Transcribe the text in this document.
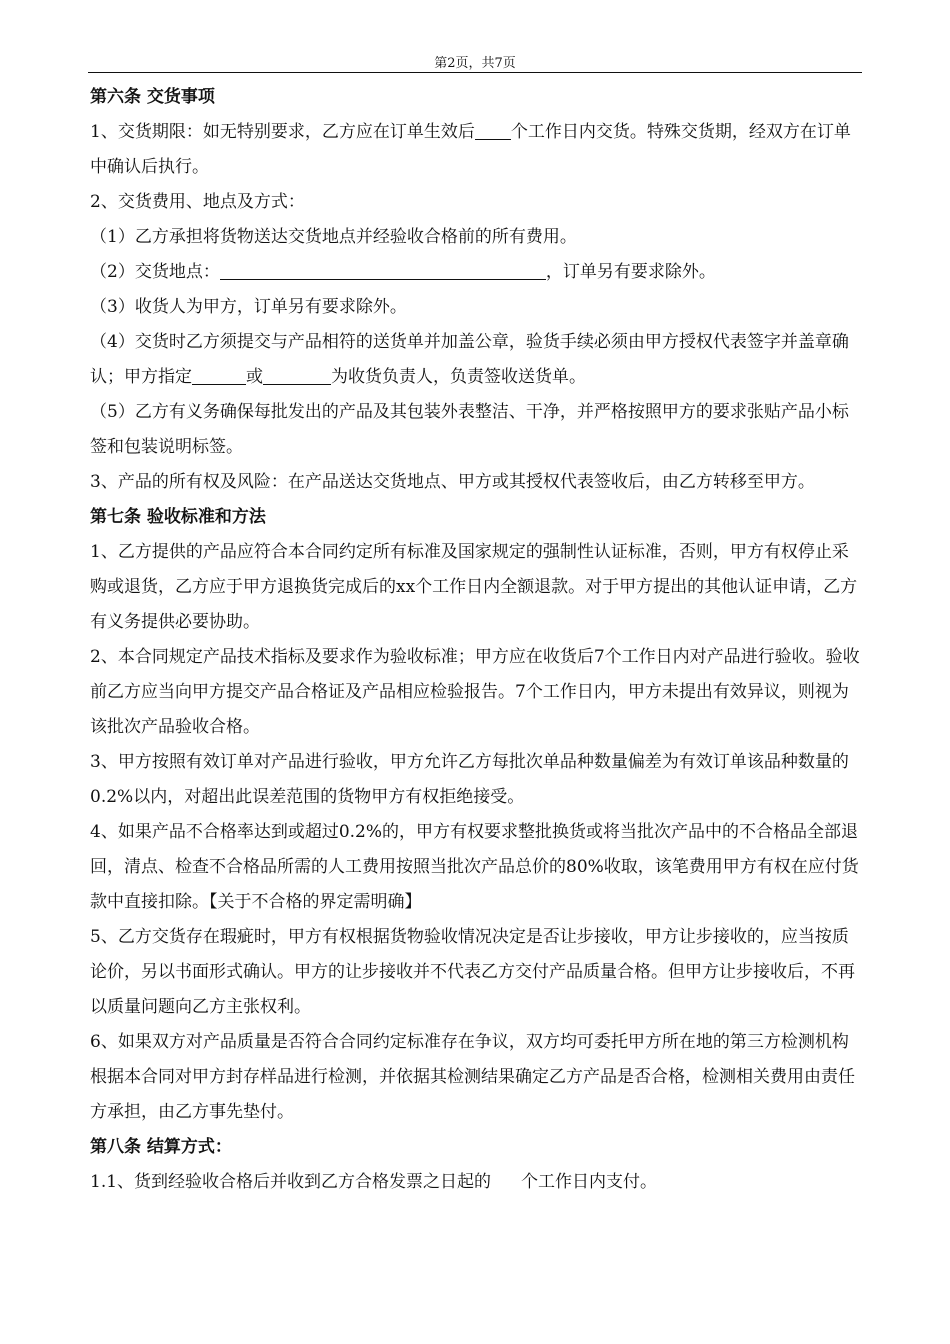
第2页，共7页

第六条 交货事项

1、交货期限：如无特别要求，乙方应在订单生效后 个工作日内交货。特殊交货期，经双方在订单中确认后执行。

2、交货费用、地点及方式：

（1）乙方承担将货物送达交货地点并经验收合格前的所有费用。

（2）交货地点：	，订单另有要求除外。

（3）收货人为甲方，订单另有要求除外。

（4）交货时乙方须提交与产品相符的送货单并加盖公章，验货手续必须由甲方授权代表签字并盖章确认；甲方指定	或	为收货负责人，负责签收送货单。

（5）乙方有义务确保每批发出的产品及其包装外表整洁、干净，并严格按照甲方的要求张贴产品小标签和包装说明标签。

3、产品的所有权及风险：在产品送达交货地点、甲方或其授权代表签收后，由乙方转移至甲方。

第七条 验收标准和方法

1、乙方提供的产品应符合本合同约定所有标准及国家规定的强制性认证标准，否则，甲方有权停止采购或退货，乙方应于甲方退换货完成后的xx个工作日内全额退款。对于甲方提出的其他认证申请，乙方有义务提供必要协助。

2、本合同规定产品技术指标及要求作为验收标准；甲方应在收货后7个工作日内对产品进行验收。验收前乙方应当向甲方提交产品合格证及产品相应检验报告。7个工作日内，甲方未提出有效异议，则视为该批次产品验收合格。

3、甲方按照有效订单对产品进行验收，甲方允许乙方每批次单品种数量偏差为有效订单该品种数量的0.2%以内，对超出此误差范围的货物甲方有权拒绝接受。

4、如果产品不合格率达到或超过0.2%的，甲方有权要求整批换货或将当批次产品中的不合格品全部退回，清点、检查不合格品所需的人工费用按照当批次产品总价的80%收取，该笔费用甲方有权在应付货款中直接扣除。【关于不合格的界定需明确】

5、乙方交货存在瑕疵时，甲方有权根据货物验收情况决定是否让步接收，甲方让步接收的，应当按质论价，另以书面形式确认。甲方的让步接收并不代表乙方交付产品质量合格。但甲方让步接收后，不再以质量问题向乙方主张权利。

6、如果双方对产品质量是否符合合同约定标准存在争议，双方均可委托甲方所在地的第三方检测机构根据本合同对甲方封存样品进行检测，并依据其检测结果确定乙方产品是否合格，检测相关费用由责任方承担，由乙方事先垫付。

第八条 结算方式：

1.1、货到经验收合格后并收到乙方合格发票之日起的 个工作日内支付。
